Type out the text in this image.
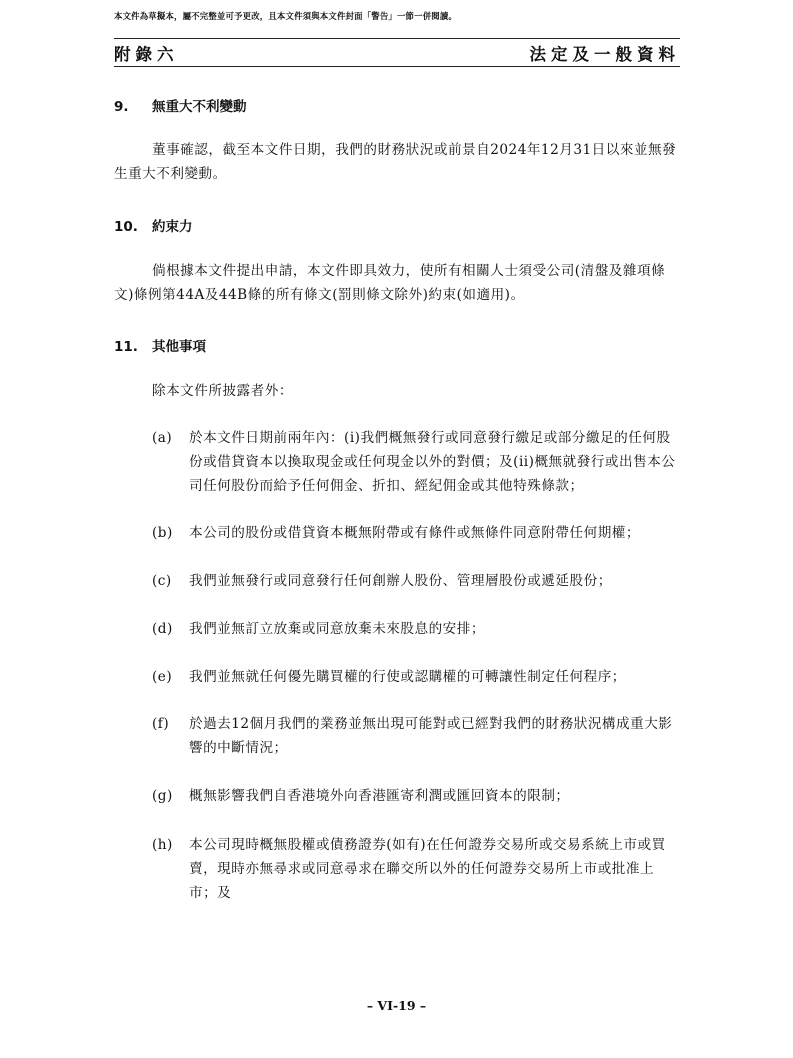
本文件為草擬本，屬不完整並可予更改，且本文件須與本文件封面「警告」一節一併閱讀。
附錄六	法定及一般資料
9. 無重大不利變動
董事確認，截至本文件日期，我們的財務狀況或前景自2024年12月31日以來並無發生重大不利變動。
10. 約束力
倘根據本文件提出申請，本文件即具效力，使所有相關人士須受公司(清盤及雜項條文)條例第44A及44B條的所有條文(罰則條文除外)約束(如適用)。
11. 其他事項
除本文件所披露者外：
(a) 於本文件日期前兩年內：(i)我們概無發行或同意發行繳足或部分繳足的任何股份或借貸資本以換取現金或任何現金以外的對價；及(ii)概無就發行或出售本公司任何股份而給予任何佣金、折扣、經紀佣金或其他特殊條款；
(b) 本公司的股份或借貸資本概無附帶或有條件或無條件同意附帶任何期權；
(c) 我們並無發行或同意發行任何創辦人股份、管理層股份或遞延股份；
(d) 我們並無訂立放棄或同意放棄未來股息的安排；
(e) 我們並無就任何優先購買權的行使或認購權的可轉讓性制定任何程序；
(f) 於過去12個月我們的業務並無出現可能對或已經對我們的財務狀況構成重大影響的中斷情況；
(g) 概無影響我們自香港境外向香港匯寄利潤或匯回資本的限制；
(h) 本公司現時概無股權或債務證券(如有)在任何證券交易所或交易系統上市或買賣，現時亦無尋求或同意尋求在聯交所以外的任何證券交易所上市或批准上市；及
– VI-19 –
